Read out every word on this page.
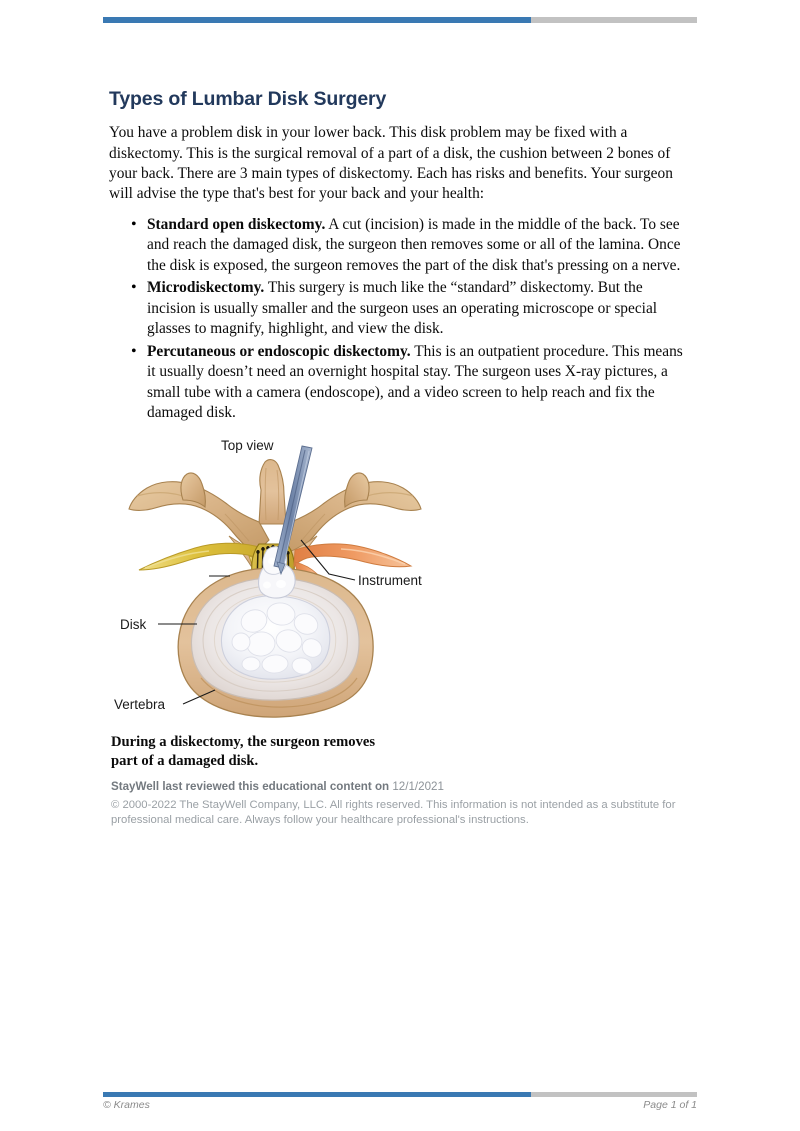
Types of Lumbar Disk Surgery

You have a problem disk in your lower back. This disk problem may be fixed with a diskectomy. This is the surgical removal of a part of a disk, the cushion between 2 bones of your back. There are 3 main types of diskectomy. Each has risks and benefits. Your surgeon will advise the type that's best for your back and your health:

• Standard open diskectomy. A cut (incision) is made in the middle of the back. To see and reach the damaged disk, the surgeon then removes some or all of the lamina. Once the disk is exposed, the surgeon removes the part of the disk that's pressing on a nerve.
• Microdiskectomy. This surgery is much like the “standard” diskectomy. But the incision is usually smaller and the surgeon uses an operating microscope or special glasses to magnify, highlight, and view the disk.
• Percutaneous or endoscopic diskectomy. This is an outpatient procedure. This means it usually doesn’t need an overnight hospital stay. The surgeon uses X-ray pictures, a small tube with a camera (endoscope), and a video screen to help reach and fix the damaged disk.
Top view
Instrument
Disk
Vertebra
During a diskectomy, the surgeon removes
part of a damaged disk.
StayWell last reviewed this educational content on 12/1/2021
© 2000-2022 The StayWell Company, LLC. All rights reserved. This information is not intended as a substitute for professional medical care. Always follow your healthcare professional's instructions.
© Krames	Page 1 of 1
